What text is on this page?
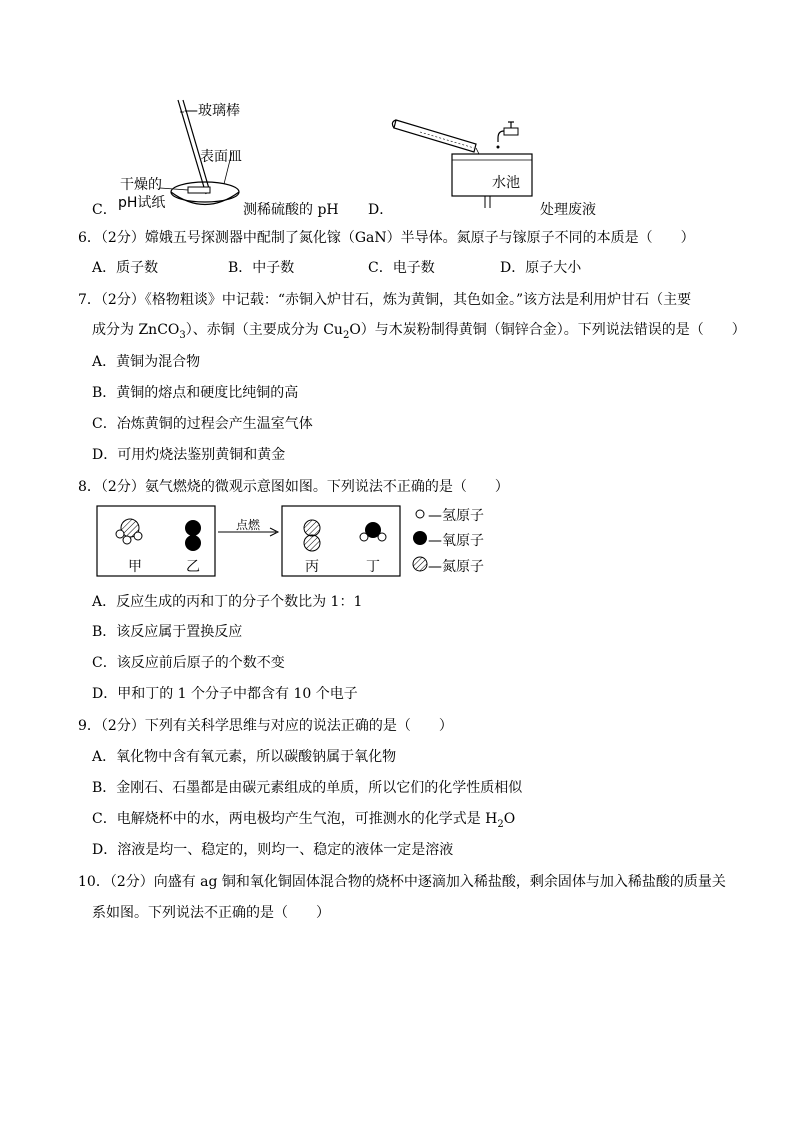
—玻璃棒
表面皿
干燥的
pH试纸
C．	测稀硫酸的 pH
水池
D．	处理废液
6．（2分）嫦娥五号探测器中配制了氮化镓（GaN）半导体。氮原子与镓原子不同的本质是（　　）
A．质子数	B．中子数	C．电子数	D．原子大小
7．（2分）《格物粗谈》中记载：“赤铜入炉甘石，炼为黄铜，其色如金。”该方法是利用炉甘石（主要
成分为 ZnCO$_3$）、赤铜（主要成分为 $Cu_2O$）与木炭粉制得黄铜（铜锌合金）。下列说法错误的是（　　）
A．黄铜为混合物
B．黄铜的熔点和硬度比纯铜的高
C．冶炼黄铜的过程会产生温室气体
D．可用灼烧法鉴别黄铜和黄金
8．（2分）氨气燃烧的微观示意图如图。下列说法不正确的是（　　）
甲	乙
点燃
丙	丁
—氢原子
—氧原子
—氮原子
A．反应生成的丙和丁的分子个数比为 1：1
B．该反应属于置换反应
C．该反应前后原子的个数不变
D．甲和丁的 1 个分子中都含有 10 个电子
9．（2分）下列有关科学思维与对应的说法正确的是（　　）
A．氧化物中含有氧元素，所以碳酸钠属于氧化物
B．金刚石、石墨都是由碳元素组成的单质，所以它们的化学性质相似
C．电解烧杯中的水，两电极均产生气泡，可推测水的化学式是 $H_2O$
D．溶液是均一、稳定的，则均一、稳定的液体一定是溶液
10．（2分）向盛有 ag 铜和氧化铜固体混合物的烧杯中逐滴加入稀盐酸，剩余固体与加入稀盐酸的质量关
系如图。下列说法不正确的是（　　）
